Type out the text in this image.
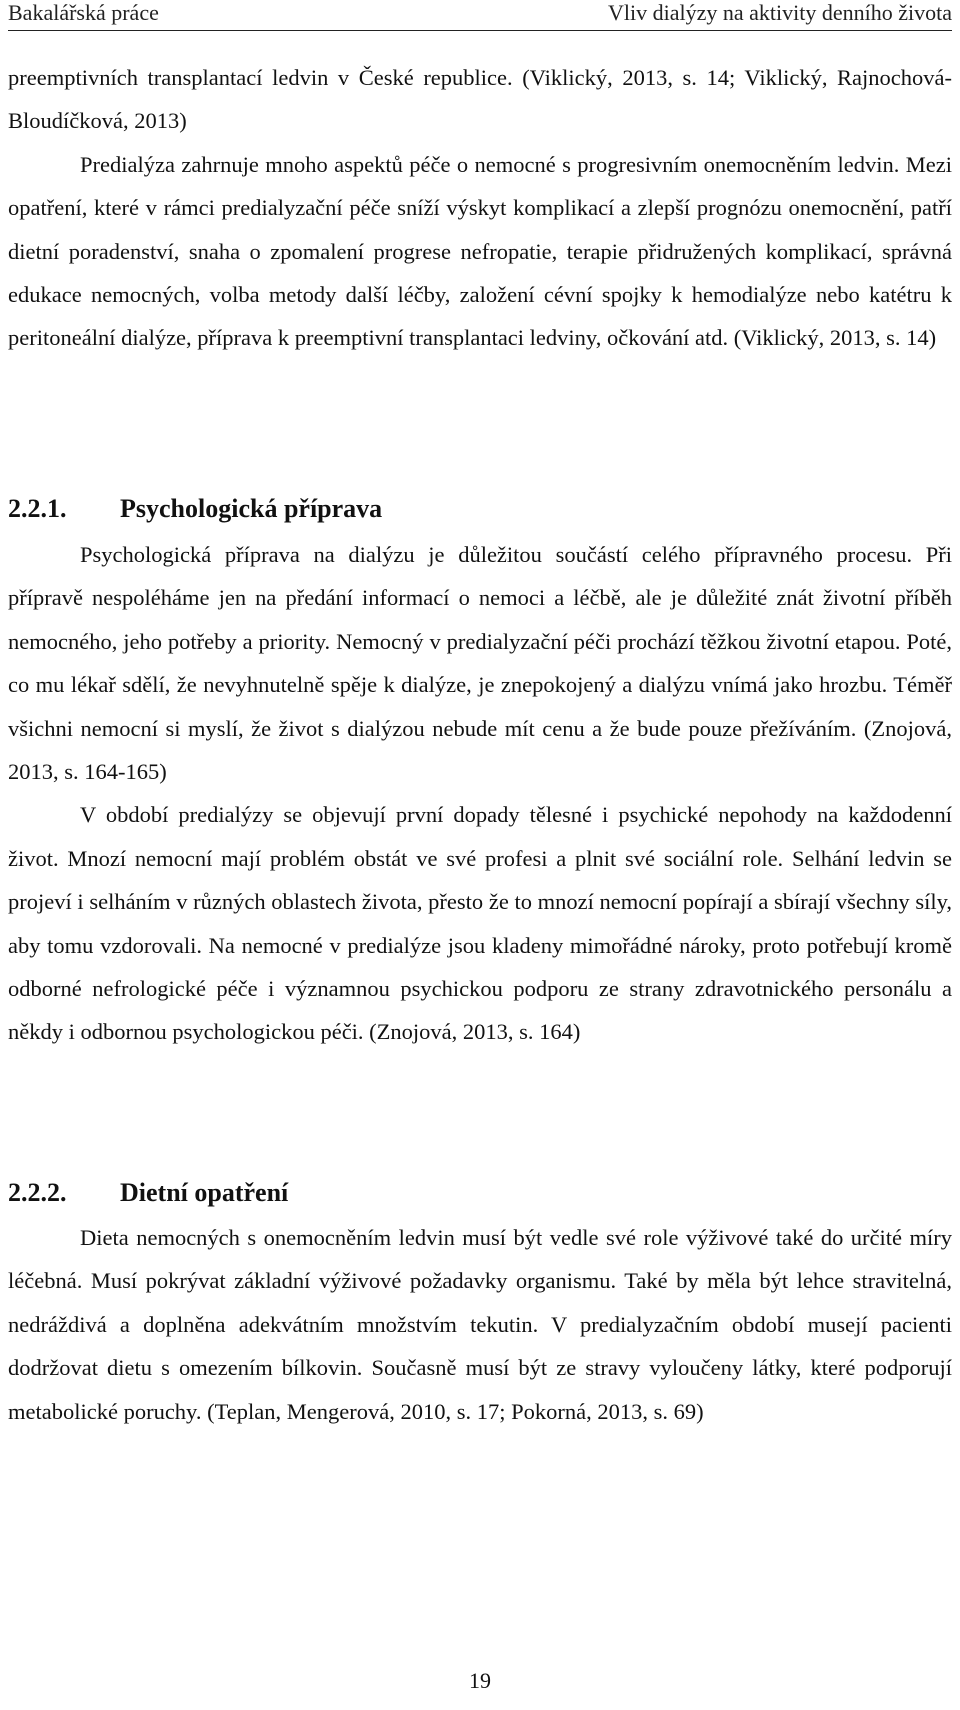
Bakalářská práce	Vliv dialýzy na aktivity denního života

preemptivních transplantací ledvin v České republice. (Viklický, 2013, s. 14; Viklický, Rajnochová-Bloudíčková, 2013)

Predialýza zahrnuje mnoho aspektů péče o nemocné s progresivním onemocněním ledvin. Mezi opatření, které v rámci predialyzační péče sníží výskyt komplikací a zlepší prognózu onemocnění, patří dietní poradenství, snaha o zpomalení progrese nefropatie, terapie přidružených komplikací, správná edukace nemocných, volba metody další léčby, založení cévní spojky k hemodialýze nebo katétru k peritoneální dialýze, příprava k preemptivní transplantaci ledviny, očkování atd. (Viklický, 2013, s. 14)

2.2.1. Psychologická příprava

Psychologická příprava na dialýzu je důležitou součástí celého přípravného procesu. Při přípravě nespoléháme jen na předání informací o nemoci a léčbě, ale je důležité znát životní příběh nemocného, jeho potřeby a priority. Nemocný v predialyzační péči prochází těžkou životní etapou. Poté, co mu lékař sdělí, že nevyhnutelně spěje k dialýze, je znepokojený a dialýzu vnímá jako hrozbu. Téměř všichni nemocní si myslí, že život s dialýzou nebude mít cenu a že bude pouze přežíváním. (Znojová, 2013, s. 164-165)

V období predialýzy se objevují první dopady tělesné i psychické nepohody na každodenní život. Mnozí nemocní mají problém obstát ve své profesi a plnit své sociální role. Selhání ledvin se projeví i selháním v různých oblastech života, přesto že to mnozí nemocní popírají a sbírají všechny síly, aby tomu vzdorovali. Na nemocné v predialýze jsou kladeny mimořádné nároky, proto potřebují kromě odborné nefrologické péče i významnou psychickou podporu ze strany zdravotnického personálu a někdy i odbornou psychologickou péči. (Znojová, 2013, s. 164)

2.2.2. Dietní opatření

Dieta nemocných s onemocněním ledvin musí být vedle své role výživové také do určité míry léčebná. Musí pokrývat základní výživové požadavky organismu. Také by měla být lehce stravitelná, nedráždivá a doplněna adekvátním množstvím tekutin. V predialyzačním období musejí pacienti dodržovat dietu s omezením bílkovin. Současně musí být ze stravy vyloučeny látky, které podporují metabolické poruchy. (Teplan, Mengerová, 2010, s. 17; Pokorná, 2013, s. 69)

19
